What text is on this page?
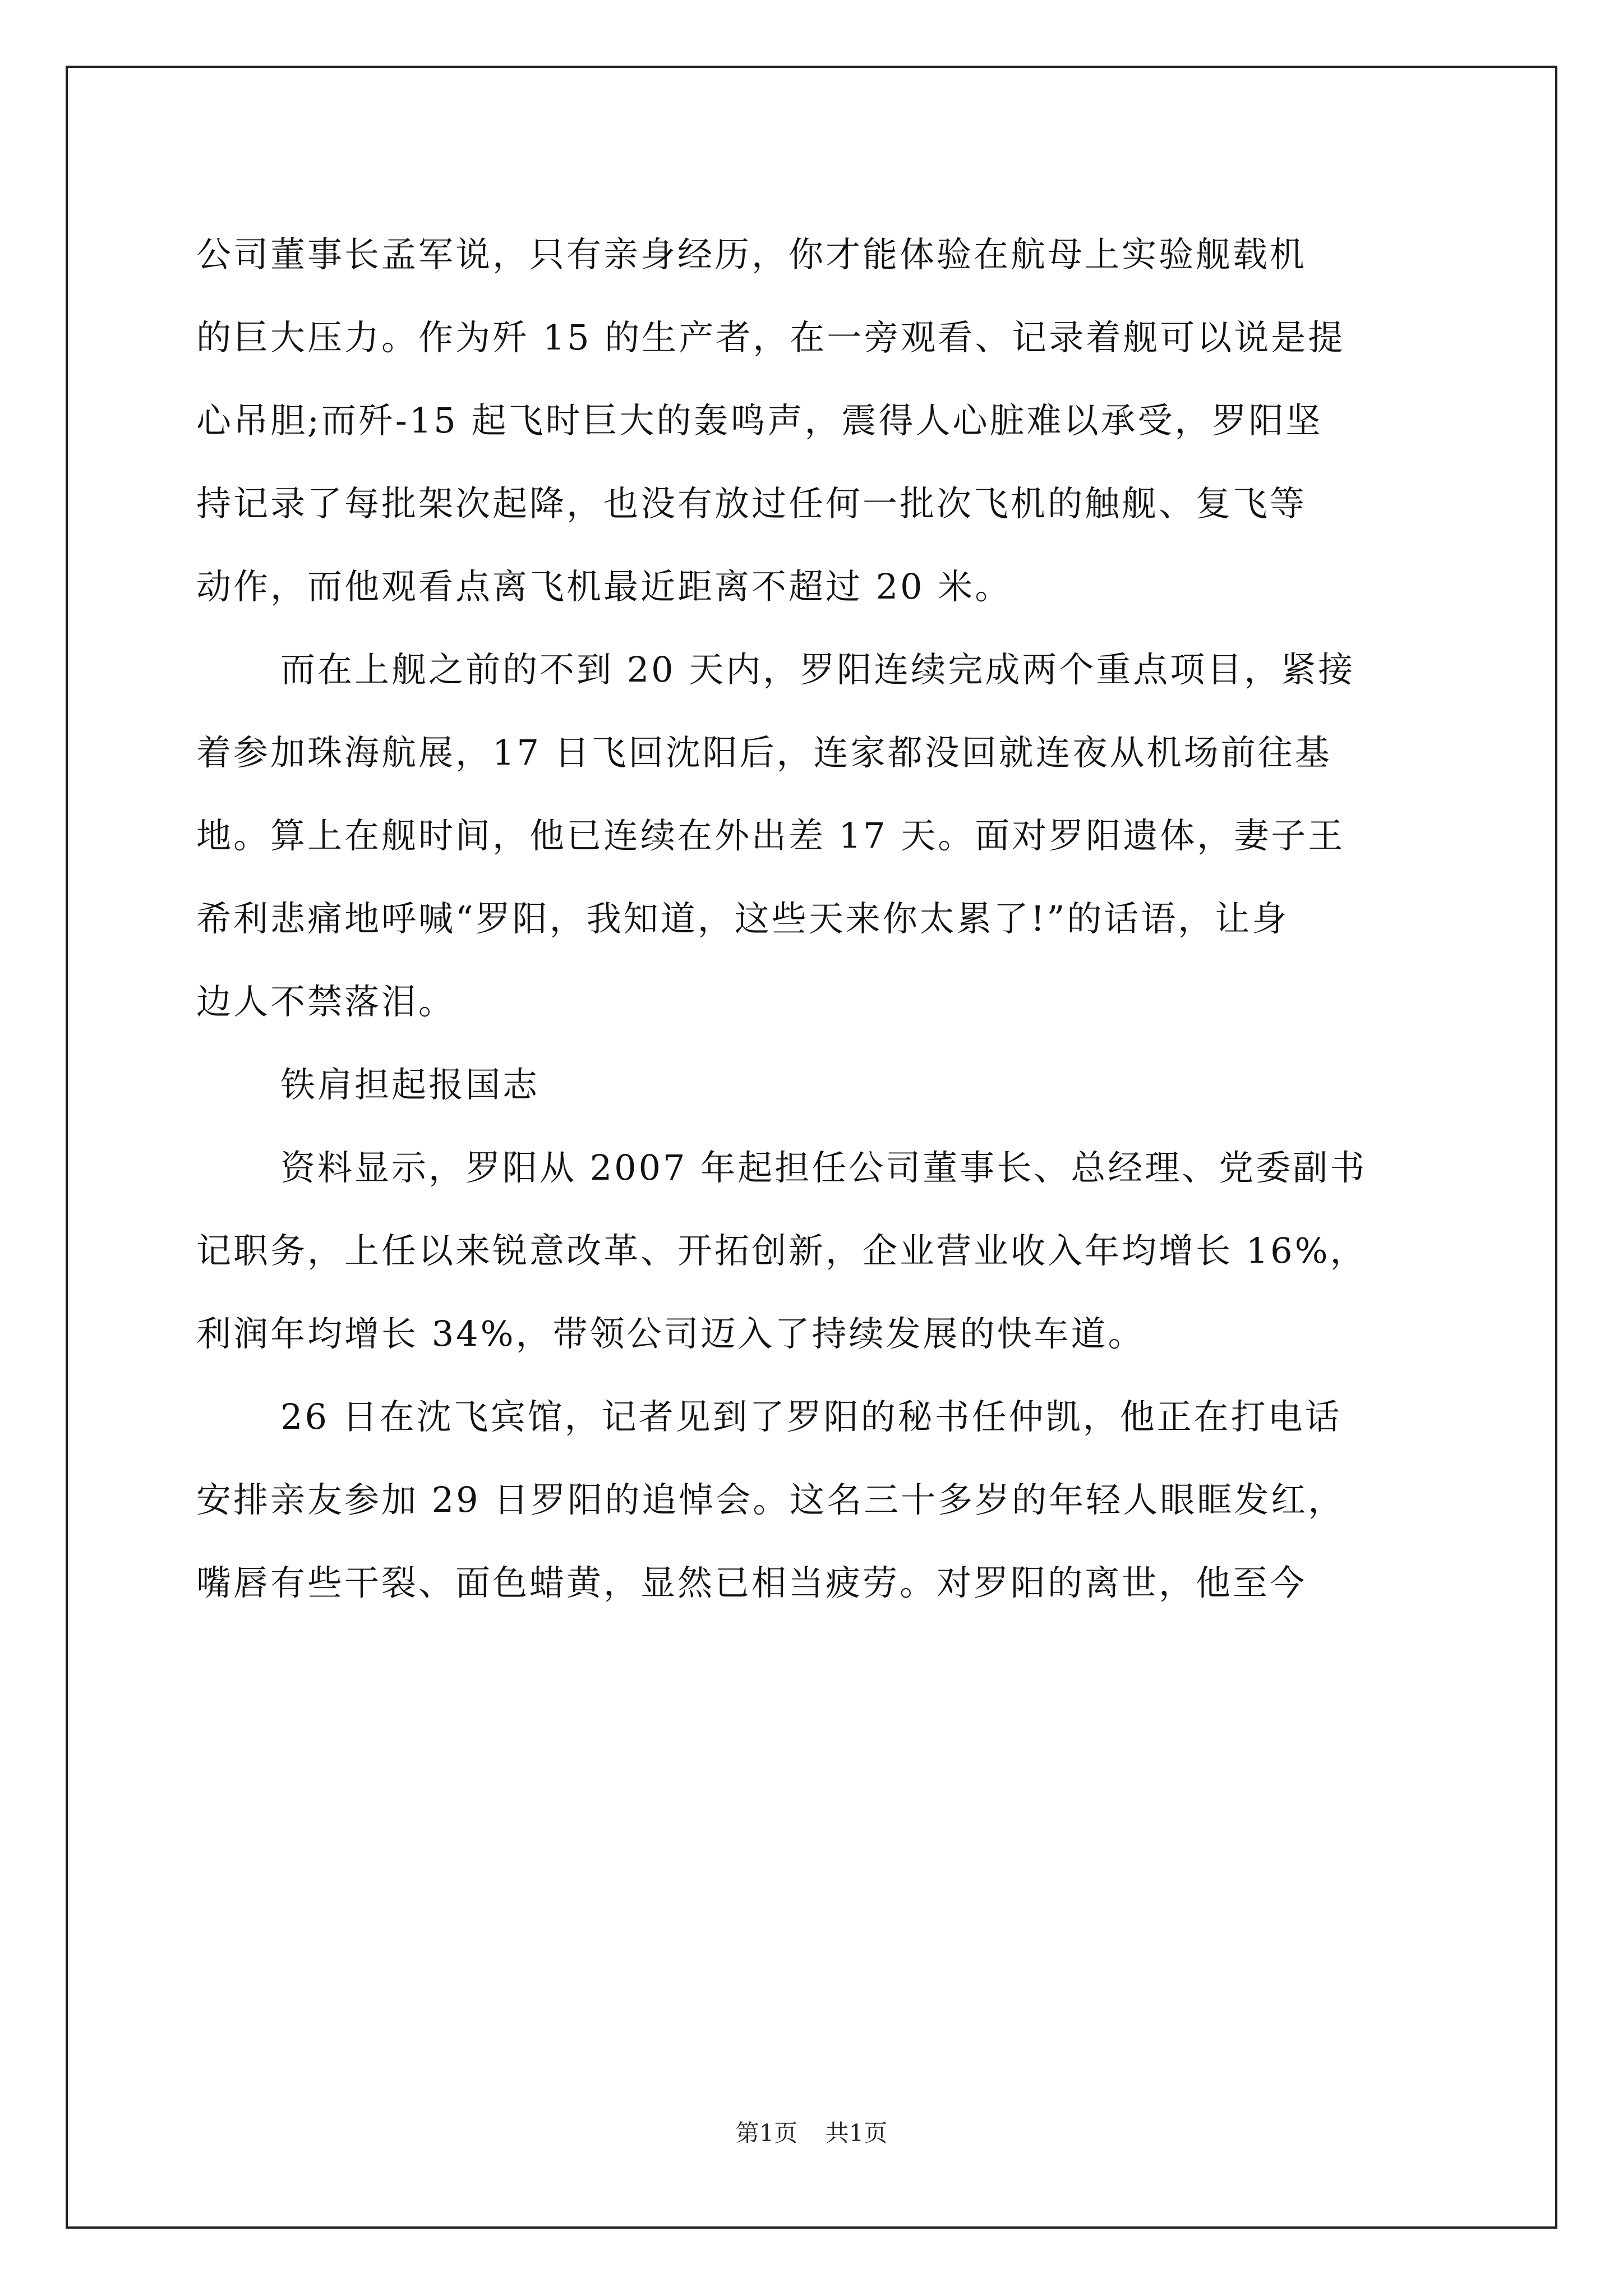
公司董事长孟军说，只有亲身经历，你才能体验在航母上实验舰载机
的巨大压力。作为歼 15 的生产者，在一旁观看、记录着舰可以说是提
心吊胆;而歼-15 起飞时巨大的轰鸣声，震得人心脏难以承受，罗阳坚
持记录了每批架次起降，也没有放过任何一批次飞机的触舰、复飞等
动作，而他观看点离飞机最近距离不超过 20 米。
而在上舰之前的不到 20 天内，罗阳连续完成两个重点项目，紧接
着参加珠海航展，17 日飞回沈阳后，连家都没回就连夜从机场前往基
地。算上在舰时间，他已连续在外出差 17 天。面对罗阳遗体，妻子王
希利悲痛地呼喊“罗阳，我知道，这些天来你太累了!”的话语，让身
边人不禁落泪。
铁肩担起报国志
资料显示，罗阳从 2007 年起担任公司董事长、总经理、党委副书
记职务，上任以来锐意改革、开拓创新，企业营业收入年均增长 16%，
利润年均增长 34%，带领公司迈入了持续发展的快车道。
26 日在沈飞宾馆，记者见到了罗阳的秘书任仲凯，他正在打电话
安排亲友参加 29 日罗阳的追悼会。这名三十多岁的年轻人眼眶发红，
嘴唇有些干裂、面色蜡黄，显然已相当疲劳。对罗阳的离世，他至今
第1页 共1页
